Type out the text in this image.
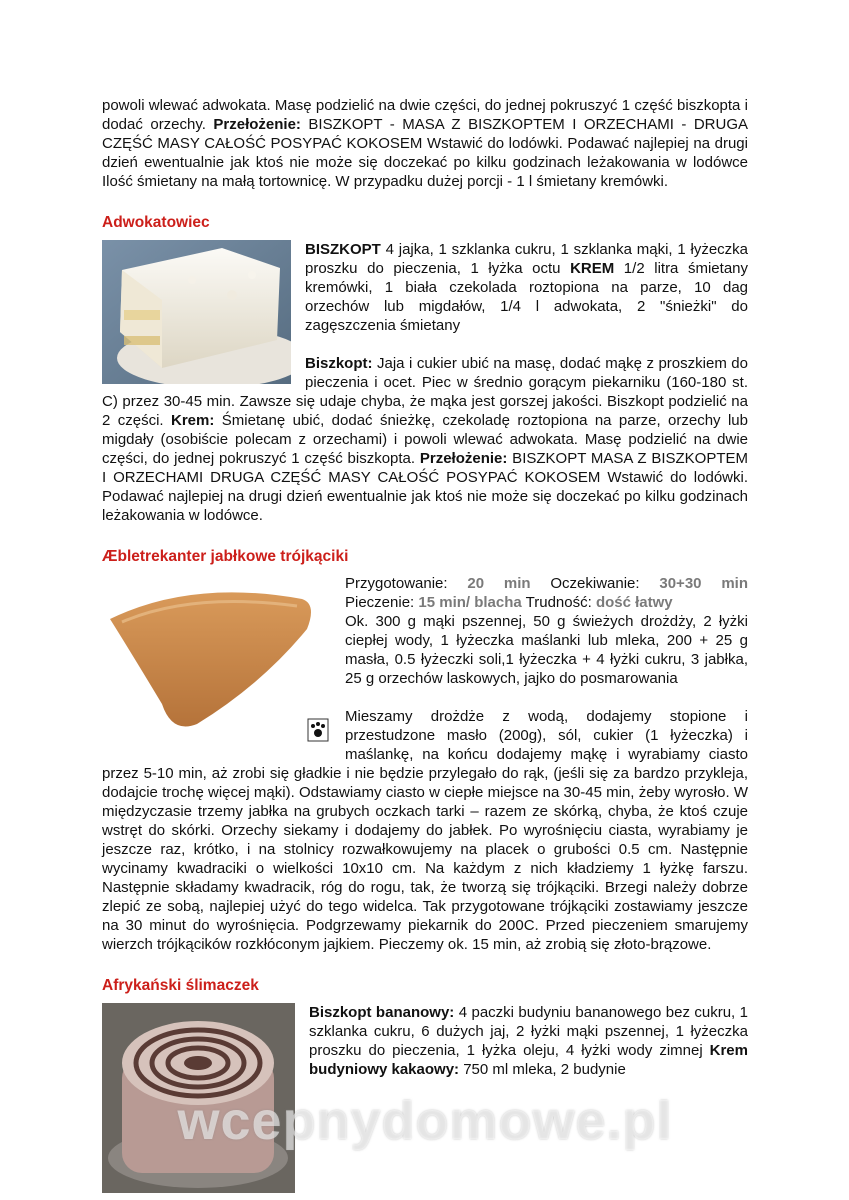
powoli wlewać adwokata. Masę podzielić na dwie części, do jednej pokruszyć 1 część biszkopta i dodać orzechy. Przełożenie: BISZKOPT - MASA Z BISZKOPTEM I ORZECHAMI - DRUGA CZĘŚĆ MASY CAŁOŚĆ POSYPAĆ KOKOSEM Wstawić do lodówki. Podawać najlepiej na drugi dzień ewentualnie jak ktoś nie może się doczekać po kilku godzinach leżakowania w lodówce Ilość śmietany na małą tortownicę. W przypadku dużej porcji - 1 l śmietany kremówki.

Adwokatowiec

BISZKOPT 4 jajka, 1 szklanka cukru, 1 szklanka mąki, 1 łyżeczka proszku do pieczenia, 1 łyżka octu KREM 1/2 litra śmietany kremówki, 1 biała czekolada roztopiona na parze, 10 dag orzechów lub migdałów, 1/4 l adwokata, 2 "śnieżki" do zagęszczenia śmietany

Biszkopt: Jaja i cukier ubić na masę, dodać mąkę z proszkiem do pieczenia i ocet. Piec w średnio gorącym piekarniku (160-180 st. C) przez 30-45 min. Zawsze się udaje chyba, że mąka jest gorszej jakości. Biszkopt podzielić na 2 części. Krem: Śmietanę ubić, dodać śnieżkę, czekoladę roztopiona na parze, orzechy lub migdały (osobiście polecam z orzechami) i powoli wlewać adwokata. Masę podzielić na dwie części, do jednej pokruszyć 1 część biszkopta. Przełożenie: BISZKOPT MASA Z BISZKOPTEM I ORZECHAMI DRUGA CZĘŚĆ MASY CAŁOŚĆ POSYPAĆ KOKOSEM Wstawić do lodówki. Podawać najlepiej na drugi dzień ewentualnie jak ktoś nie może się doczekać po kilku godzinach leżakowania w lodówce.

Æbletrekanter jabłkowe trójkąciki

Przygotowanie: 20 min Oczekiwanie: 30+30 min

Pieczenie: 15 min/ blacha Trudność: dość łatwy

Ok. 300 g mąki pszennej, 50 g świeżych drożdży, 2 łyżki ciepłej wody, 1 łyżeczka maślanki lub mleka, 200 + 25 g masła, 0.5 łyżeczki soli,1 łyżeczka + 4 łyżki cukru, 3 jabłka, 25 g orzechów laskowych, jajko do posmarowania

Mieszamy drożdże z wodą, dodajemy stopione i przestudzone masło (200g), sól, cukier (1 łyżeczka) i maślankę, na końcu dodajemy mąkę i wyrabiamy ciasto przez 5-10 min, aż zrobi się gładkie i nie będzie przylegało do rąk, (jeśli się za bardzo przykleja, dodajcie trochę więcej mąki). Odstawiamy ciasto w ciepłe miejsce na 30-45 min, żeby wyrosło. W międzyczasie trzemy jabłka na grubych oczkach tarki – razem ze skórką, chyba, że ktoś czuje wstręt do skórki. Orzechy siekamy i dodajemy do jabłek. Po wyrośnięciu ciasta, wyrabiamy je jeszcze raz, krótko, i na stolnicy rozwałkowujemy na placek o grubości 0.5 cm. Następnie wycinamy kwadraciki o wielkości 10x10 cm. Na każdym z nich kładziemy 1 łyżkę farszu. Następnie składamy kwadracik, róg do rogu, tak, że tworzą się trójkąciki. Brzegi należy dobrze zlepić ze sobą, najlepiej użyć do tego widelca. Tak przygotowane trójkąciki zostawiamy jeszcze na 30 minut do wyrośnięcia. Podgrzewamy piekarnik do 200C. Przed pieczeniem smarujemy wierzch trójkącików rozkłóconym jajkiem. Pieczemy ok. 15 min, aż zrobią się złoto-brązowe.

Afrykański ślimaczek

Biszkopt bananowy: 4 paczki budyniu bananowego bez cukru, 1 szklanka cukru, 6 dużych jaj, 2 łyżki mąki pszennej, 1 łyżeczka proszku do pieczenia, 1 łyżka oleju, 4 łyżki wody zimnej Krem budyniowy kakaowy: 750 ml mleka, 2 budynie

wcepnydomowe.pl
